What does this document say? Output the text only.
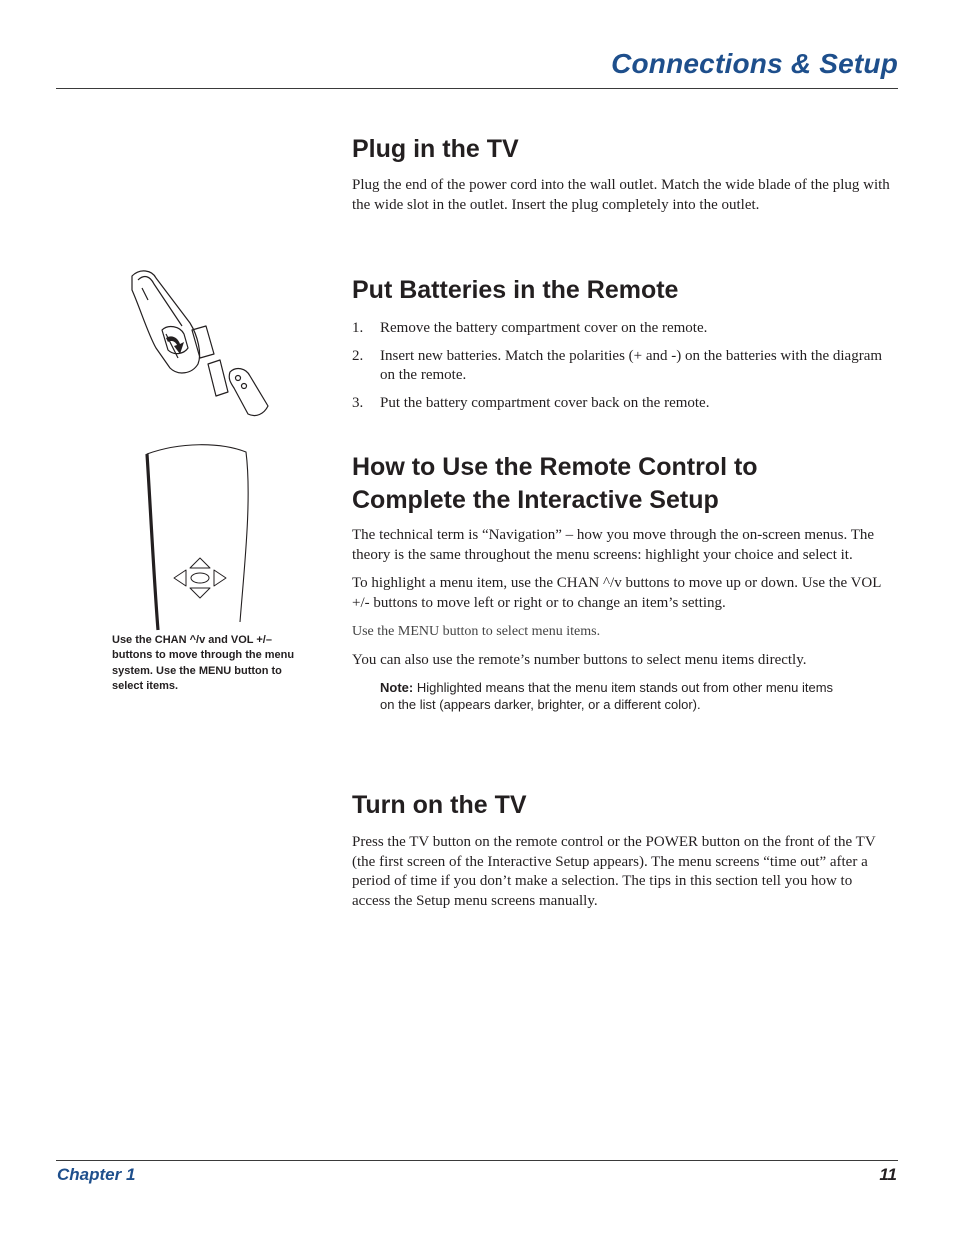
Connections & Setup
Use the CHAN ^/v and VOL +/– buttons to move through the menu system. Use the MENU button to select items.
Plug in the TV

Plug the end of the power cord into the wall outlet. Match the wide blade of the plug with the wide slot in the outlet. Insert the plug completely into the outlet.

Put Batteries in the Remote
1. Remove the battery compartment cover on the remote.
2. Insert new batteries. Match the polarities (+ and -) on the batteries with the diagram on the remote.
3. Put the battery compartment cover back on the remote.
How to Use the Remote Control to
Complete the Interactive Setup

The technical term is “Navigation” – how you move through the on-screen menus. The theory is the same throughout the menu screens: highlight your choice and select it.

To highlight a menu item, use the CHAN ^/v buttons to move up or down. Use the VOL +/- buttons to move left or right or to change an item’s setting.

Use the MENU button to select menu items.

You can also use the remote’s number buttons to select menu items directly.

Note: Highlighted means that the menu item stands out from other menu items on the list (appears darker, brighter, or a different color).
Turn on the TV

Press the TV button on the remote control or the POWER button on the front of the TV (the first screen of the Interactive Setup appears). The menu screens “time out” after a period of time if you don’t make a selection. The tips in this section tell you how to access the Setup menu screens manually.

Chapter 1	11
